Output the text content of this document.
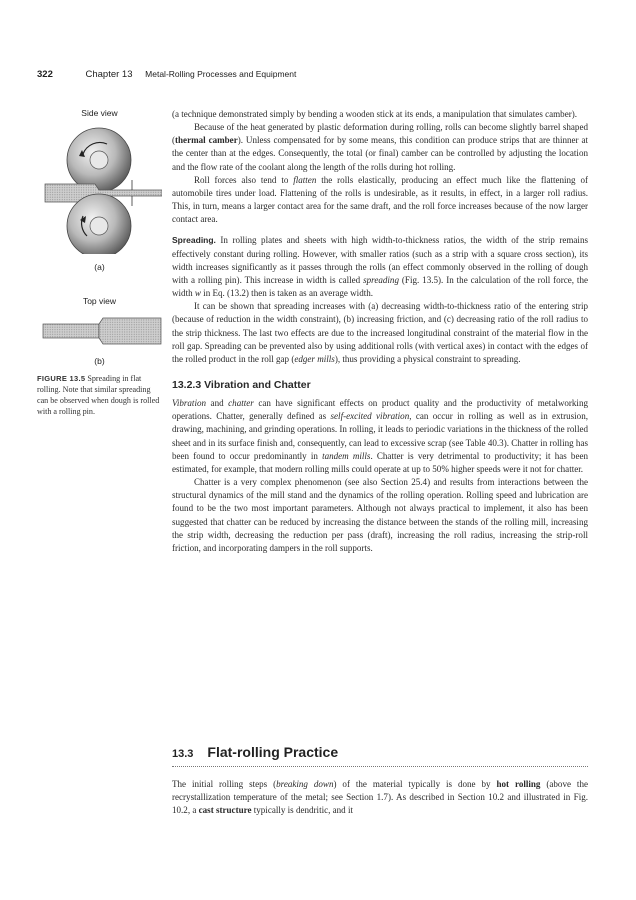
322	Chapter 13 Metal-Rolling Processes and Equipment
Side view
(a)
Top view
(b)
FIGURE 13.5 Spreading in flat rolling. Note that similar spreading can be observed when dough is rolled with a rolling pin.

(a technique demonstrated simply by bending a wooden stick at its ends, a manipulation that simulates camber).

Because of the heat generated by plastic deformation during rolling, rolls can become slightly barrel shaped (thermal camber). Unless compensated for by some means, this condition can produce strips that are thinner at the center than at the edges. Consequently, the total (or final) camber can be controlled by adjusting the location and the flow rate of the coolant along the length of the rolls during hot rolling.

Roll forces also tend to flatten the rolls elastically, producing an effect much like the flattening of automobile tires under load. Flattening of the rolls is undesirable, as it results, in effect, in a larger roll radius. This, in turn, means a larger contact area for the same draft, and the roll force increases because of the now larger contact area.

Spreading. In rolling plates and sheets with high width-to-thickness ratios, the width of the strip remains effectively constant during rolling. However, with smaller ratios (such as a strip with a square cross section), its width increases significantly as it passes through the rolls (an effect commonly observed in the rolling of dough with a rolling pin). This increase in width is called spreading (Fig. 13.5). In the calculation of the roll force, the width w in Eq. (13.2) then is taken as an average width.

It can be shown that spreading increases with (a) decreasing width-to-thickness ratio of the entering strip (because of reduction in the width constraint), (b) increasing friction, and (c) decreasing ratio of the roll radius to the strip thickness. The last two effects are due to the increased longitudinal constraint of the material flow in the roll gap. Spreading can be prevented also by using additional rolls (with vertical axes) in contact with the edges of the rolled product in the roll gap (edger mills), thus providing a physical constraint to spreading.

13.2.3 Vibration and Chatter

Vibration and chatter can have significant effects on product quality and the productivity of metalworking operations. Chatter, generally defined as self-excited vibration, can occur in rolling as well as in extrusion, drawing, machining, and grinding operations. In rolling, it leads to periodic variations in the thickness of the rolled sheet and in its surface finish and, consequently, can lead to excessive scrap (see Table 40.3). Chatter in rolling has been found to occur predominantly in tandem mills. Chatter is very detrimental to productivity; it has been estimated, for example, that modern rolling mills could operate at up to 50% higher speeds were it not for chatter.

Chatter is a very complex phenomenon (see also Section 25.4) and results from interactions between the structural dynamics of the mill stand and the dynamics of the rolling operation. Rolling speed and lubrication are found to be the two most important parameters. Although not always practical to implement, it also has been suggested that chatter can be reduced by increasing the distance between the stands of the rolling mill, increasing the strip width, decreasing the reduction per pass (draft), increasing the roll radius, increasing the strip-roll friction, and incorporating dampers in the roll supports.

13.3 Flat-rolling Practice

The initial rolling steps (breaking down) of the material typically is done by hot rolling (above the recrystallization temperature of the metal; see Section 1.7). As described in Section 10.2 and illustrated in Fig. 10.2, a cast structure typically is dendritic, and it
